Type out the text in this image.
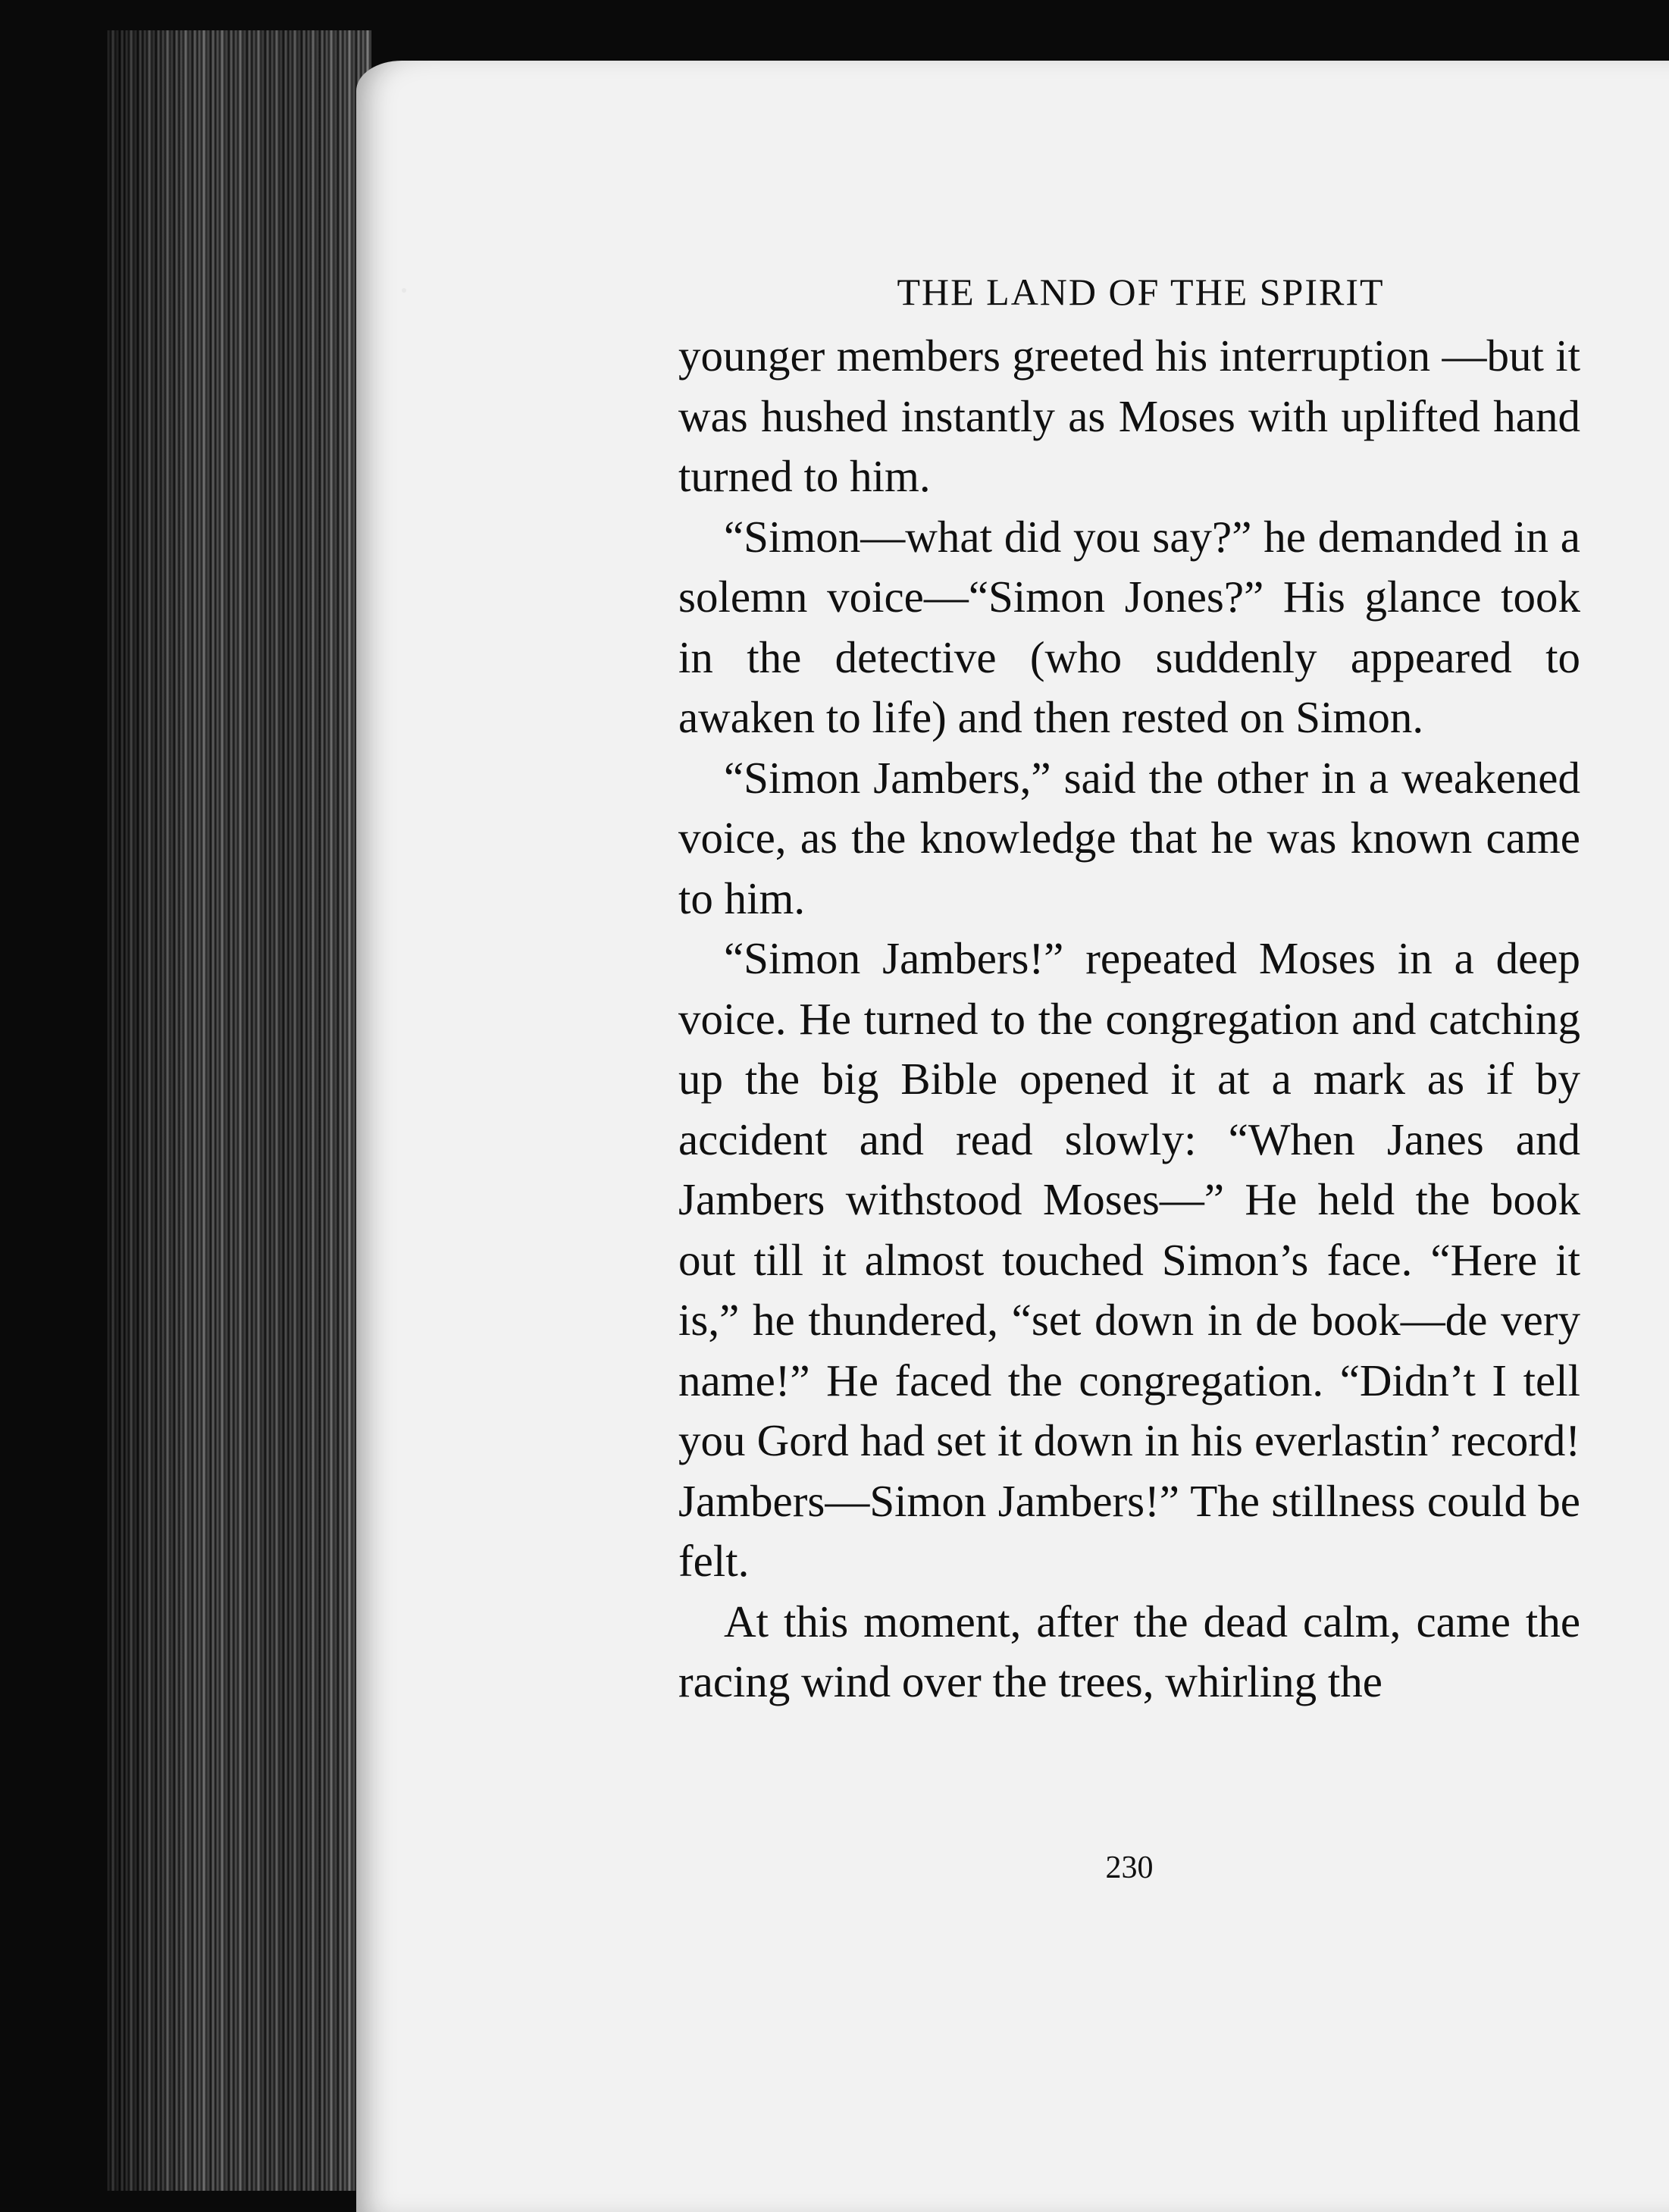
THE LAND OF THE SPIRIT

younger members greeted his interruption —but it was hushed instantly as Moses with uplifted hand turned to him.

“Simon—what did you say?” he demanded in a solemn voice—“Simon Jones?” His glance took in the detective (who suddenly appeared to awaken to life) and then rested on Simon.

“Simon Jambers,” said the other in a weakened voice, as the knowledge that he was known came to him.

“Simon Jambers!” repeated Moses in a deep voice. He turned to the congregation and catching up the big Bible opened it at a mark as if by accident and read slowly: “When Janes and Jambers withstood Moses—” He held the book out till it almost touched Simon’s face. “Here it is,” he thundered, “set down in de book—de very name!” He faced the congregation. “Didn’t I tell you Gord had set it down in his everlastin’ record! Jambers—Simon Jambers!” The stillness could be felt.

At this moment, after the dead calm, came the racing wind over the trees, whirling the

230
